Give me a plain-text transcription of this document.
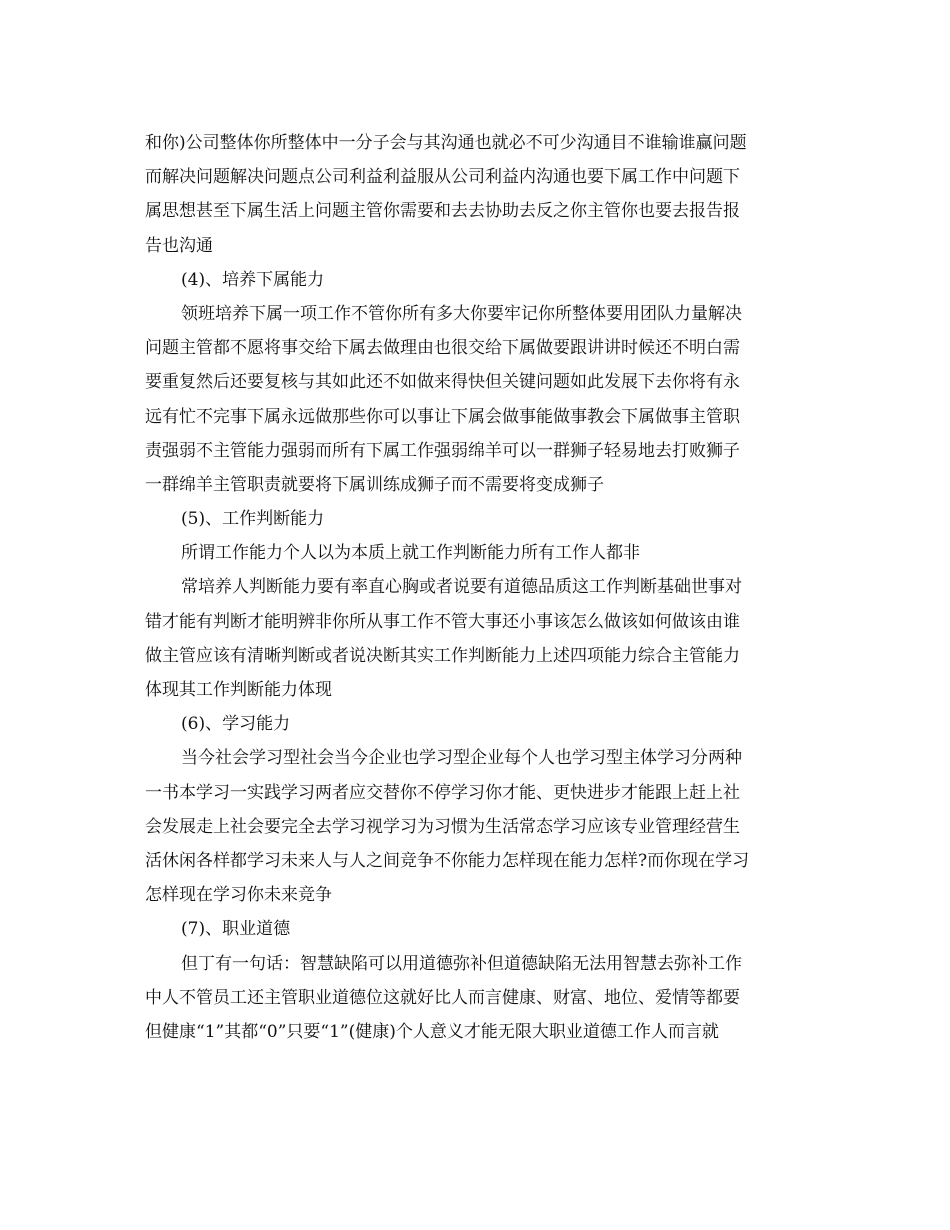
和你)公司整体你所整体中一分子会与其沟通也就必不可少沟通目不谁输谁赢问题
而解决问题解决问题点公司利益利益服从公司利益内沟通也要下属工作中问题下
属思想甚至下属生活上问题主管你需要和去去协助去反之你主管你也要去报告报
告也沟通
(4)、培养下属能力
领班培养下属一项工作不管你所有多大你要牢记你所整体要用团队力量解决
问题主管都不愿将事交给下属去做理由也很交给下属做要跟讲讲时候还不明白需
要重复然后还要复核与其如此还不如做来得快但关键问题如此发展下去你将有永
远有忙不完事下属永远做那些你可以事让下属会做事能做事教会下属做事主管职
责强弱不主管能力强弱而所有下属工作强弱绵羊可以一群狮子轻易地去打败狮子
一群绵羊主管职责就要将下属训练成狮子而不需要将变成狮子
(5)、工作判断能力
所谓工作能力个人以为本质上就工作判断能力所有工作人都非
常培养人判断能力要有率直心胸或者说要有道德品质这工作判断基础世事对
错才能有判断才能明辨非你所从事工作不管大事还小事该怎么做该如何做该由谁
做主管应该有清晰判断或者说决断其实工作判断能力上述四项能力综合主管能力
体现其工作判断能力体现
(6)、学习能力
当今社会学习型社会当今企业也学习型企业每个人也学习型主体学习分两种
一书本学习一实践学习两者应交替你不停学习你才能、更快进步才能跟上赶上社
会发展走上社会要完全去学习视学习为习惯为生活常态学习应该专业管理经营生
活休闲各样都学习未来人与人之间竞争不你能力怎样现在能力怎样?而你现在学习
怎样现在学习你未来竞争
(7)、职业道德
但丁有一句话：智慧缺陷可以用道德弥补但道德缺陷无法用智慧去弥补工作
中人不管员工还主管职业道德位这就好比人而言健康、财富、地位、爱情等都要
但健康“1”其都“0”只要“1”(健康)个人意义才能无限大职业道德工作人而言就
